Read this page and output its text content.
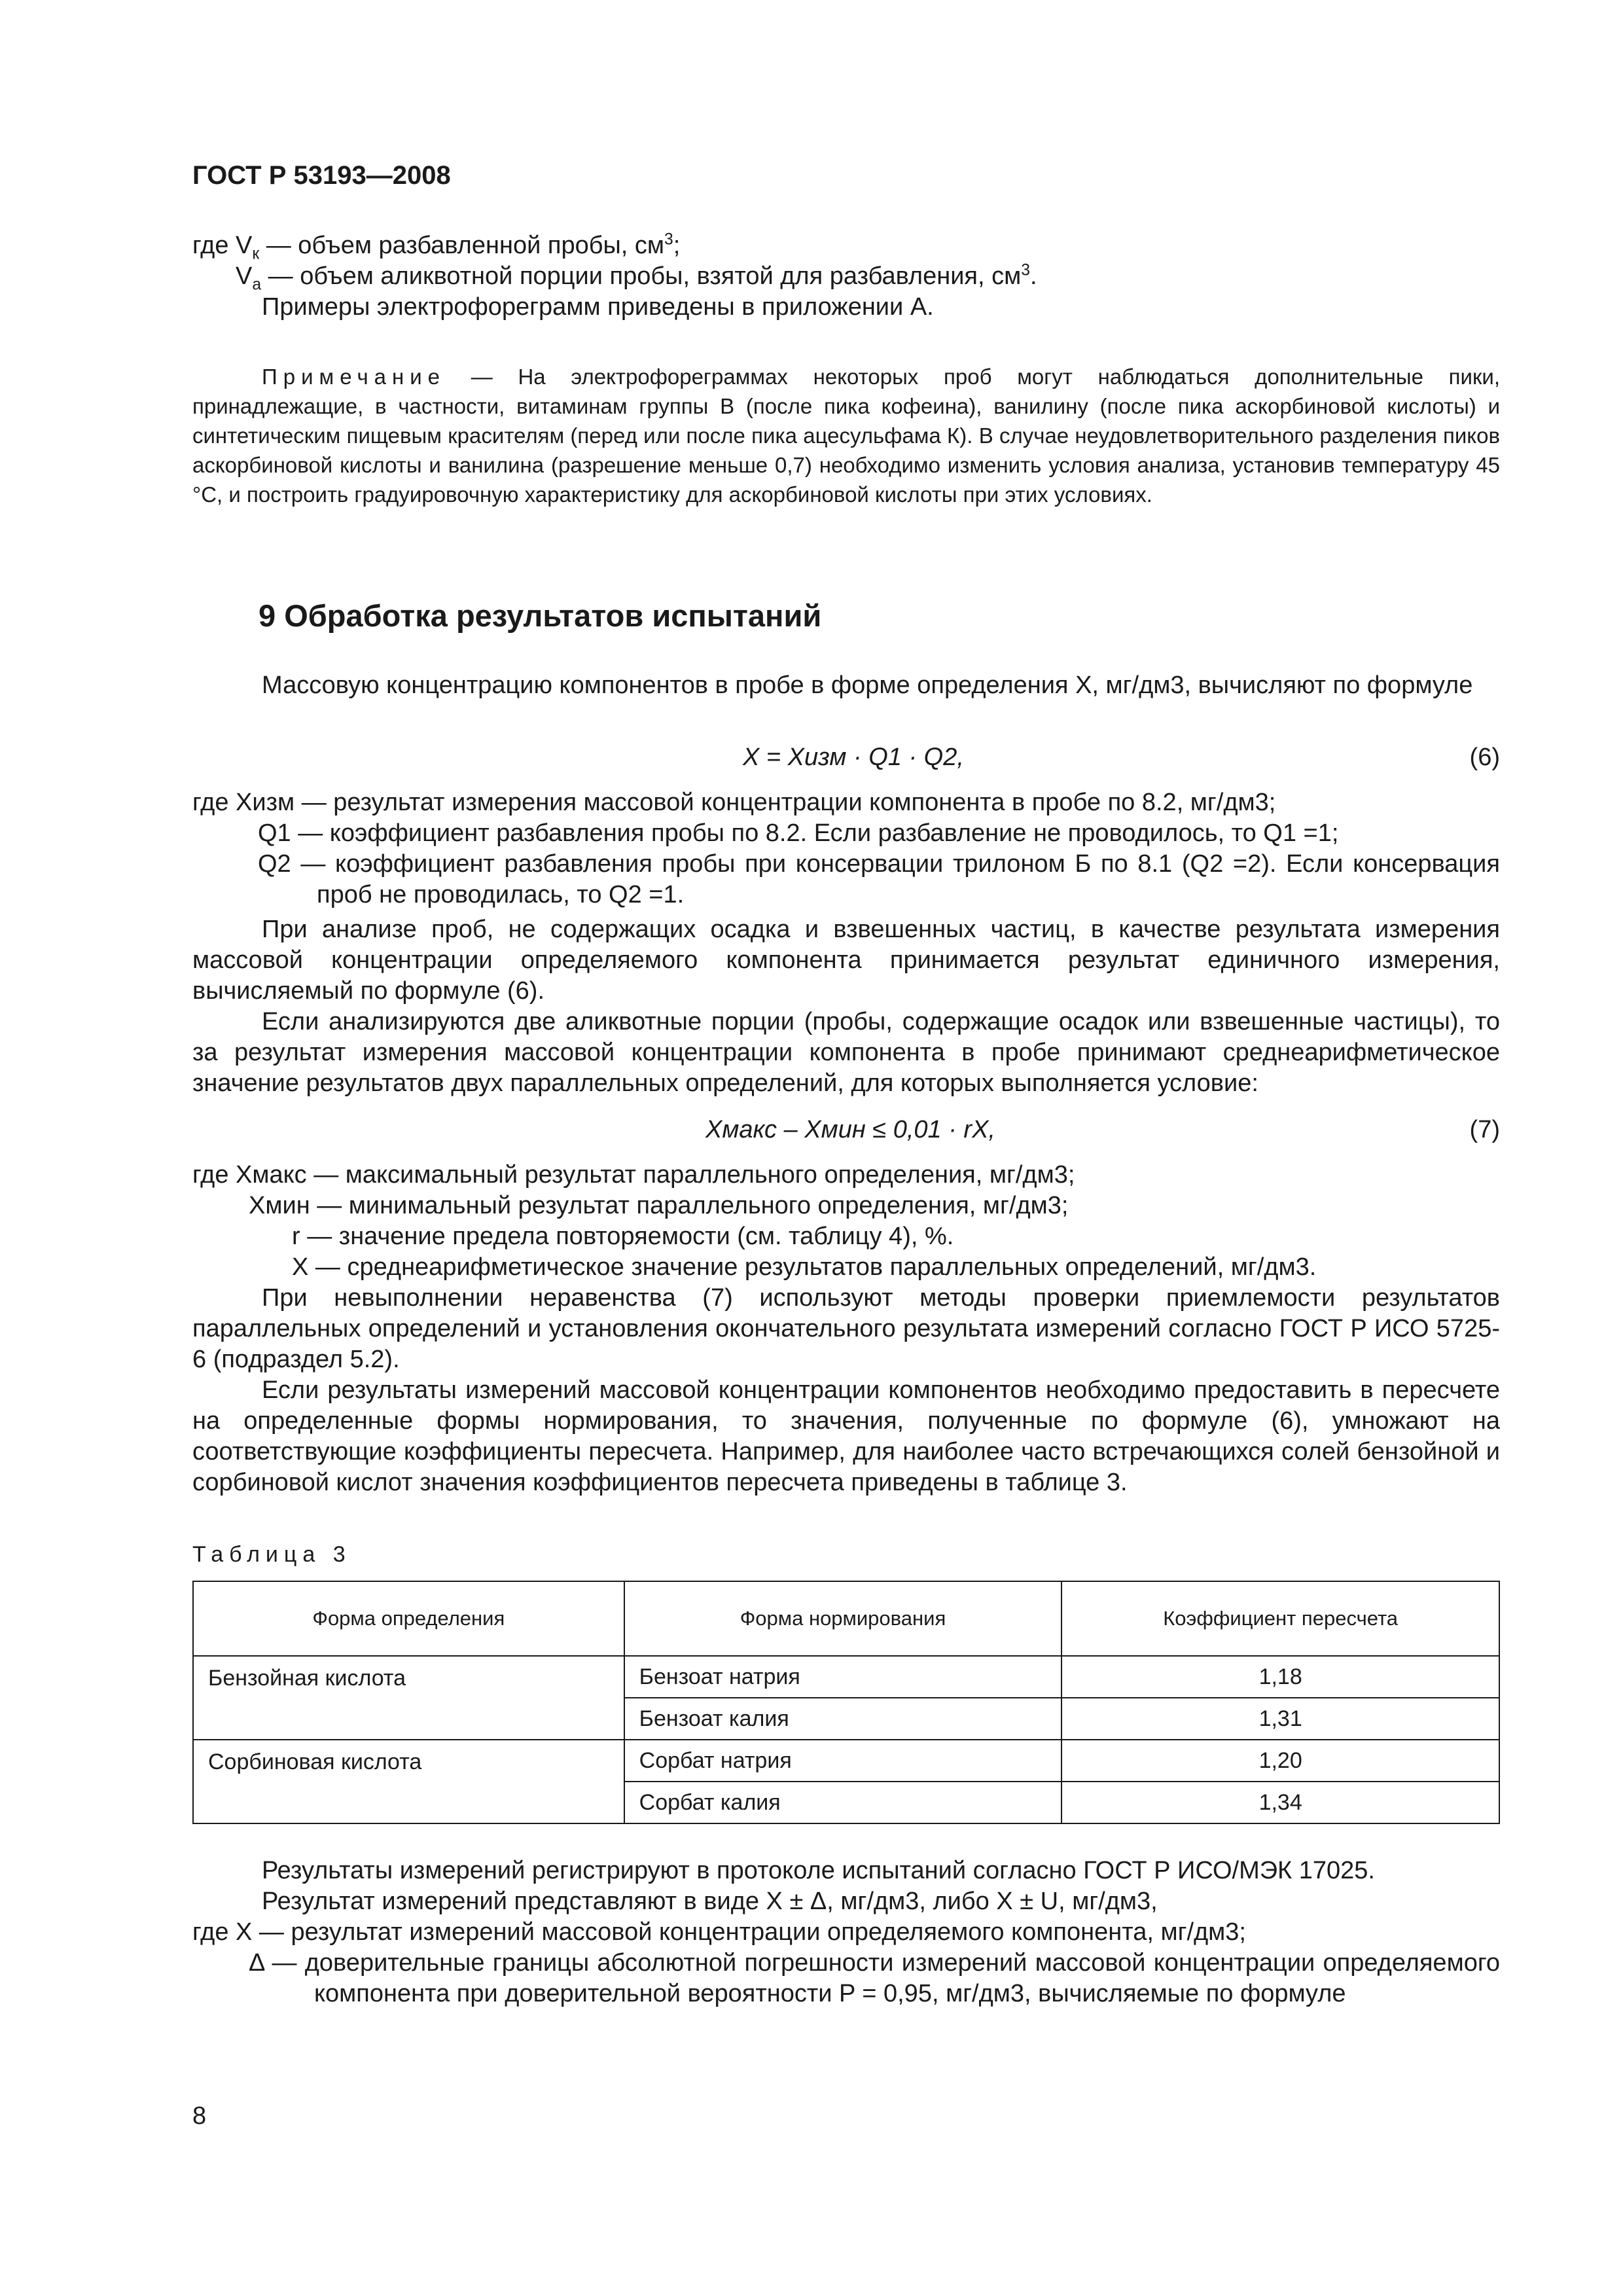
ГОСТ Р 53193—2008
где $V_к$ — объем разбавленной пробы, $см^3$;
$V_а$ — объем аликвотной порции пробы, взятой для разбавления, $см^3$.
Примеры электрофореграмм приведены в приложении А.
Примечание — На электрофореграммах некоторых проб могут наблюдаться дополнительные пики, принадлежащие, в частности, витаминам группы В (после пика кофеина), ванилину (после пика аскорбиновой кислоты) и синтетическим пищевым красителям (перед или после пика ацесульфама К). В случае неудовлетворительного разделения пиков аскорбиновой кислоты и ванилина (разрешение меньше 0,7) необходимо изменить условия анализа, установив температуру 45 °С, и построить градуировочную характеристику для аскорбиновой кислоты при этих условиях.
9 Обработка результатов испытаний
Массовую концентрацию компонентов в пробе в форме определения X, мг/дм3, вычисляют по формуле
X = Xизм · Q1 · Q2,	(6)
где Xизм — результат измерения массовой концентрации компонента в пробе по 8.2, мг/дм3;
Q1 — коэффициент разбавления пробы по 8.2. Если разбавление не проводилось, то Q1 =1;
Q2 — коэффициент разбавления пробы при консервации трилоном Б по 8.1 (Q2 =2). Если консервация проб не проводилась, то Q2 =1.
При анализе проб, не содержащих осадка и взвешенных частиц, в качестве результата измерения массовой концентрации определяемого компонента принимается результат единичного измерения, вычисляемый по формуле (6).
Если анализируются две аликвотные порции (пробы, содержащие осадок или взвешенные частицы), то за результат измерения массовой концентрации компонента в пробе принимают среднеарифметическое значение результатов двух параллельных определений, для которых выполняется условие:
Xмакс – Xмин ≤ 0,01 · rX,	(7)
где Xмакс — максимальный результат параллельного определения, мг/дм3;
Xмин — минимальный результат параллельного определения, мг/дм3;
r — значение предела повторяемости (см. таблицу 4), %.
X — среднеарифметическое значение результатов параллельных определений, мг/дм3.
При невыполнении неравенства (7) используют методы проверки приемлемости результатов параллельных определений и установления окончательного результата измерений согласно ГОСТ Р ИСО 5725-6 (подраздел 5.2).
Если результаты измерений массовой концентрации компонентов необходимо предоставить в пересчете на определенные формы нормирования, то значения, полученные по формуле (6), умножают на соответствующие коэффициенты пересчета. Например, для наиболее часто встречающихся солей бензойной и сорбиновой кислот значения коэффициентов пересчета приведены в таблице 3.
Таблица 3
Форма определения	Форма нормирования	Коэффициент пересчета
Бензойная кислота	Бензоат натрия	1,18
	Бензоат калия	1,31
Сорбиновая кислота	Сорбат натрия	1,20
	Сорбат калия	1,34
Результаты измерений регистрируют в протоколе испытаний согласно ГОСТ Р ИСО/МЭК 17025.
Результат измерений представляют в виде X ± Δ, мг/дм3, либо X ± U, мг/дм3,
где X — результат измерений массовой концентрации определяемого компонента, мг/дм3;
Δ — доверительные границы абсолютной погрешности измерений массовой концентрации определяемого компонента при доверительной вероятности P = 0,95, мг/дм3, вычисляемые по формуле
8
